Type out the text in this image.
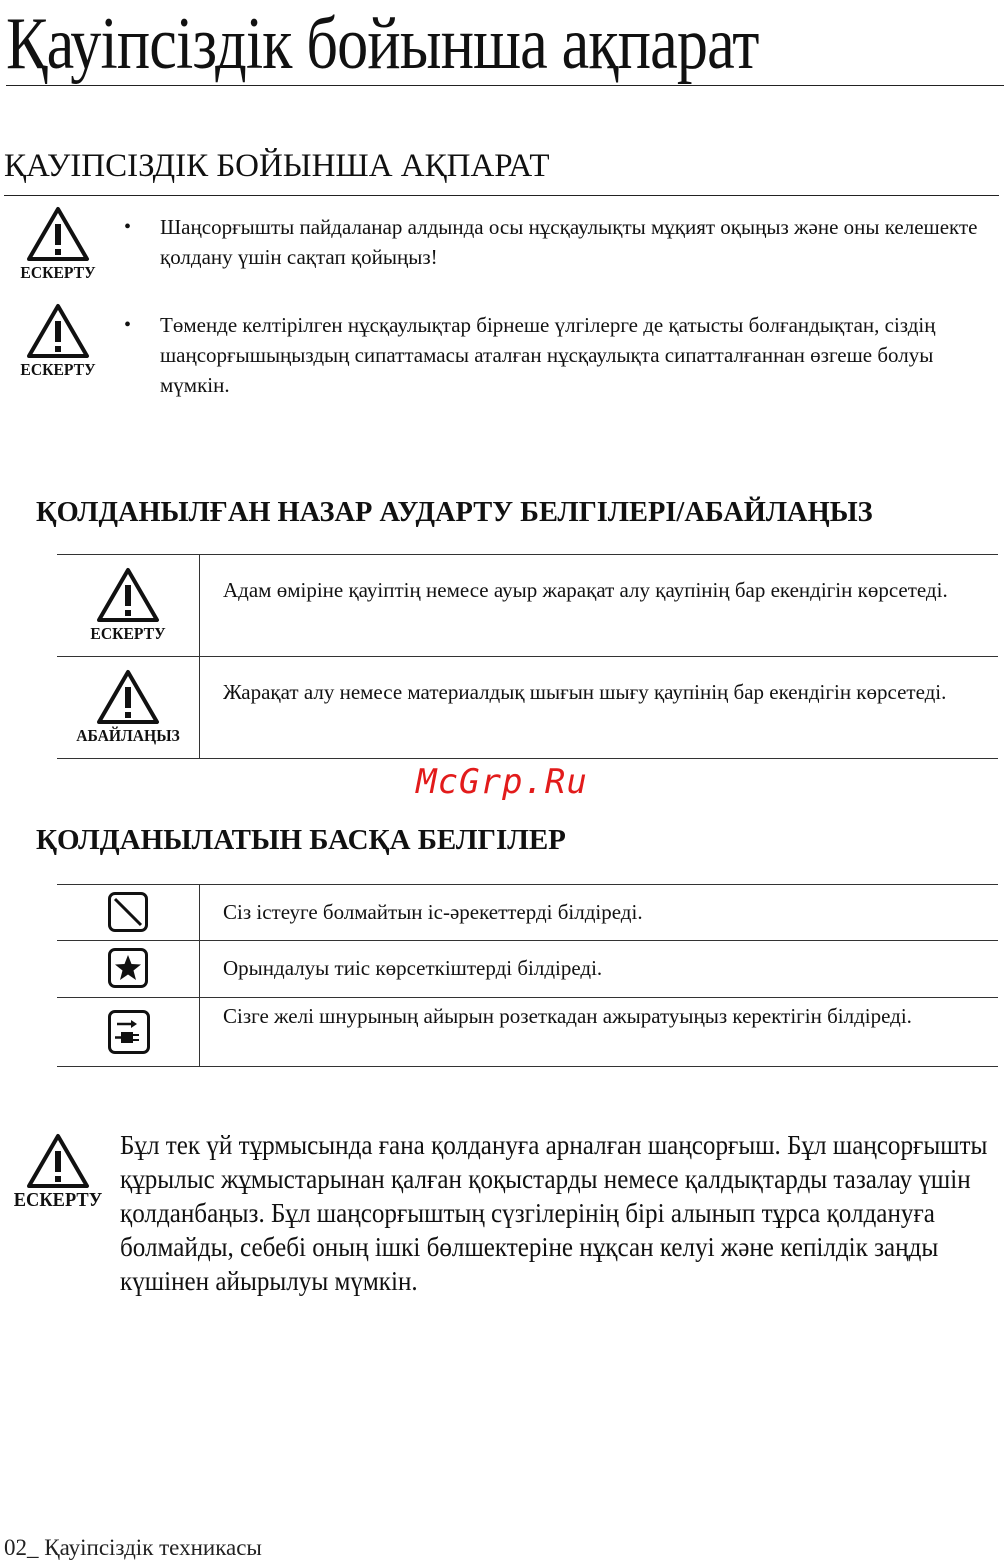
Қауіпсіздік бойынша ақпарат
ҚАУІПСІЗДІК БОЙЫНША АҚПАРАТ
ЕСКЕРТУ
• Шаңсорғышты пайдаланар алдында осы нұсқаулықты мұқият оқыңыз және оны келешекте қолдану үшін сақтап қойыңыз!
ЕСКЕРТУ
• Төменде келтірілген нұсқаулықтар бірнеше үлгілерге де қатысты болғандықтан, сіздің шаңсорғышыңыздың сипаттамасы аталған нұсқаулықта сипатталғаннан өзгеше болуы мүмкін.
ҚОЛДАНЫЛҒАН НАЗАР АУДАРТУ БЕЛГІЛЕРІ/АБАЙЛАҢЫЗ
ЕСКЕРТУ
Адам өміріне қауіптің немесе ауыр жарақат алу қаупінің бар екендігін көрсетеді.
АБАЙЛАҢЫЗ
Жарақат алу немесе материалдық шығын шығу қаупінің бар екендігін көрсетеді.
McGrp.Ru
ҚОЛДАНЫЛАТЫН БАСҚА БЕЛГІЛЕР
Сіз істеуге болмайтын іс-әрекеттерді білдіреді.
Орындалуы тиіс көрсеткіштерді білдіреді.
Сізге желі шнурының айырын розеткадан ажыратуыңыз керектігін білдіреді.
ЕСКЕРТУ
Бұл тек үй тұрмысында ғана қолдануға арналған шаңсорғыш. Бұл шаңсорғышты құрылыс жұмыстарынан қалған қоқыстарды немесе қалдықтарды тазалау үшін қолданбаңыз. Бұл шаңсорғыштың сүзгілерінің бірі алынып тұрса қолдануға болмайды, себебі оның ішкі бөлшектеріне нұқсан келуі және кепілдік заңды күшінен айырылуы мүмкін.
02_ Қауіпсіздік техникасы
